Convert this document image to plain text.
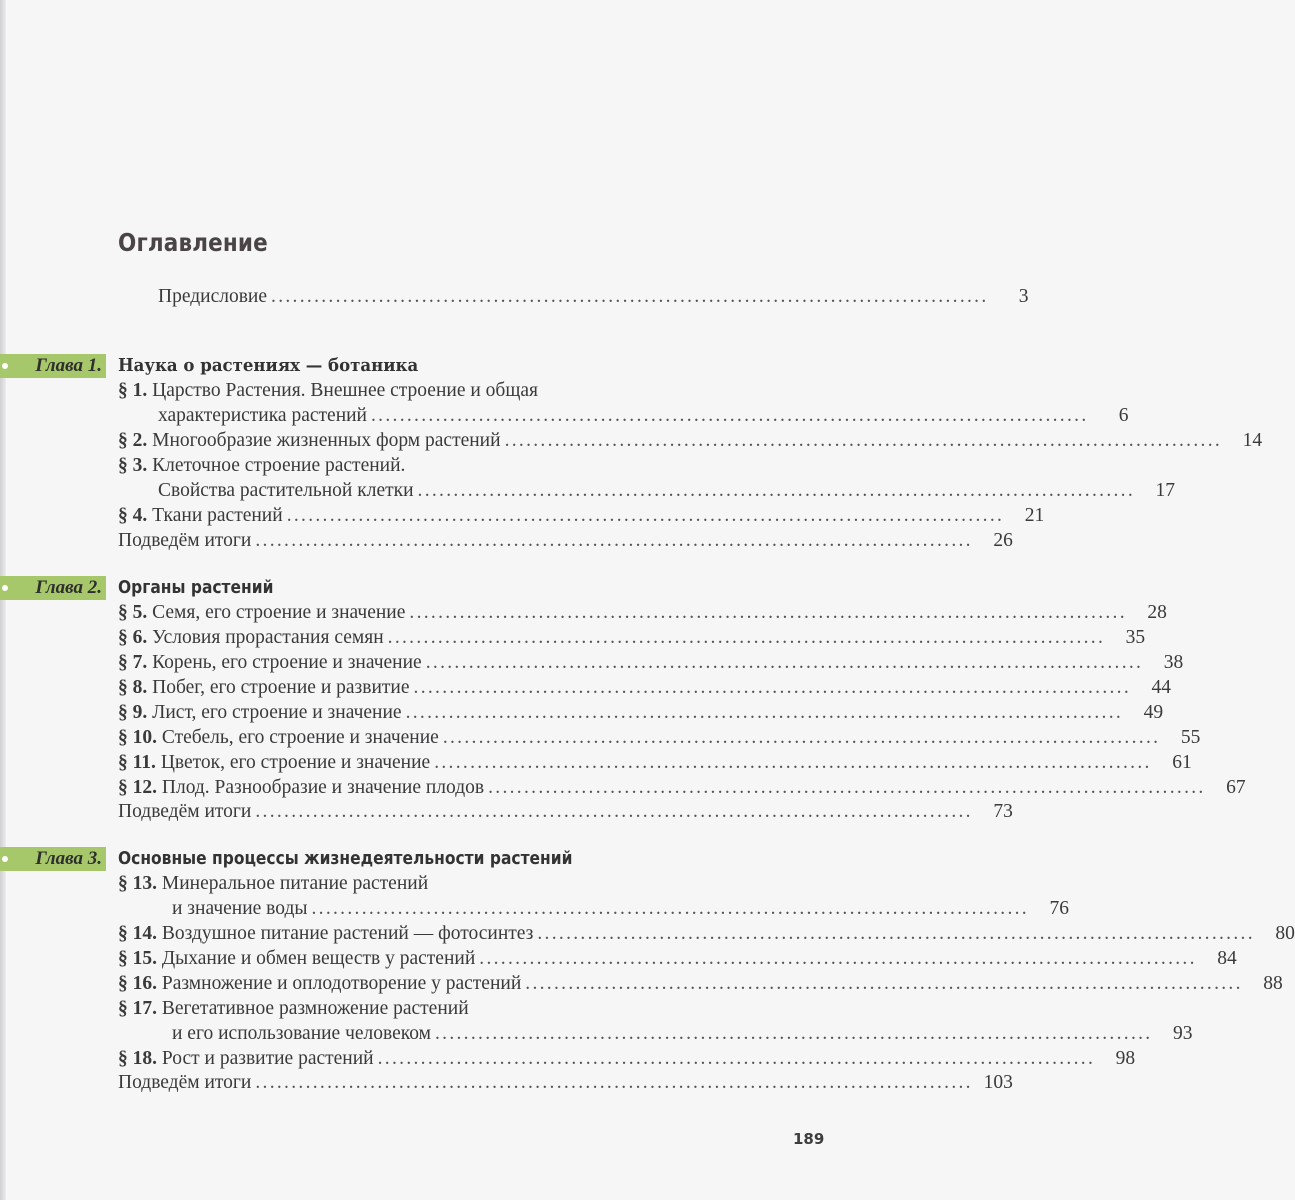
Оглавление
Предисловие ....................................................................................................	3
Глава 1. Наука о растениях — ботаника
§ 1. Царство Растения. Внешнее строение и общая
характеристика растений ....................................................................................................	6
§ 2. Многообразие жизненных форм растений ....................................................................................................	14
§ 3. Клеточное строение растений.
Свойства растительной клетки ....................................................................................................	17
§ 4. Ткани растений ....................................................................................................	21
Подведём итоги ....................................................................................................	26
Глава 2. Органы растений
§ 5. Семя, его строение и значение ....................................................................................................	28
§ 6. Условия прорастания семян ....................................................................................................	35
§ 7. Корень, его строение и значение ....................................................................................................	38
§ 8. Побег, его строение и развитие ....................................................................................................	44
§ 9. Лист, его строение и значение ....................................................................................................	49
§ 10. Стебель, его строение и значение ....................................................................................................	55
§ 11. Цветок, его строение и значение ....................................................................................................	61
§ 12. Плод. Разнообразие и значение плодов ....................................................................................................	67
Подведём итоги ....................................................................................................	73
Глава 3. Основные процессы жизнедеятельности растений
§ 13. Минеральное питание растений
и значение воды ....................................................................................................	76
§ 14. Воздушное питание растений — фотосинтез ....................................................................................................	80
§ 15. Дыхание и обмен веществ у растений ....................................................................................................	84
§ 16. Размножение и оплодотворение у растений ....................................................................................................	88
§ 17. Вегетативное размножение растений
и его использование человеком ....................................................................................................	93
§ 18. Рост и развитие растений ....................................................................................................	98
Подведём итоги .................................................................................................... 103
189
